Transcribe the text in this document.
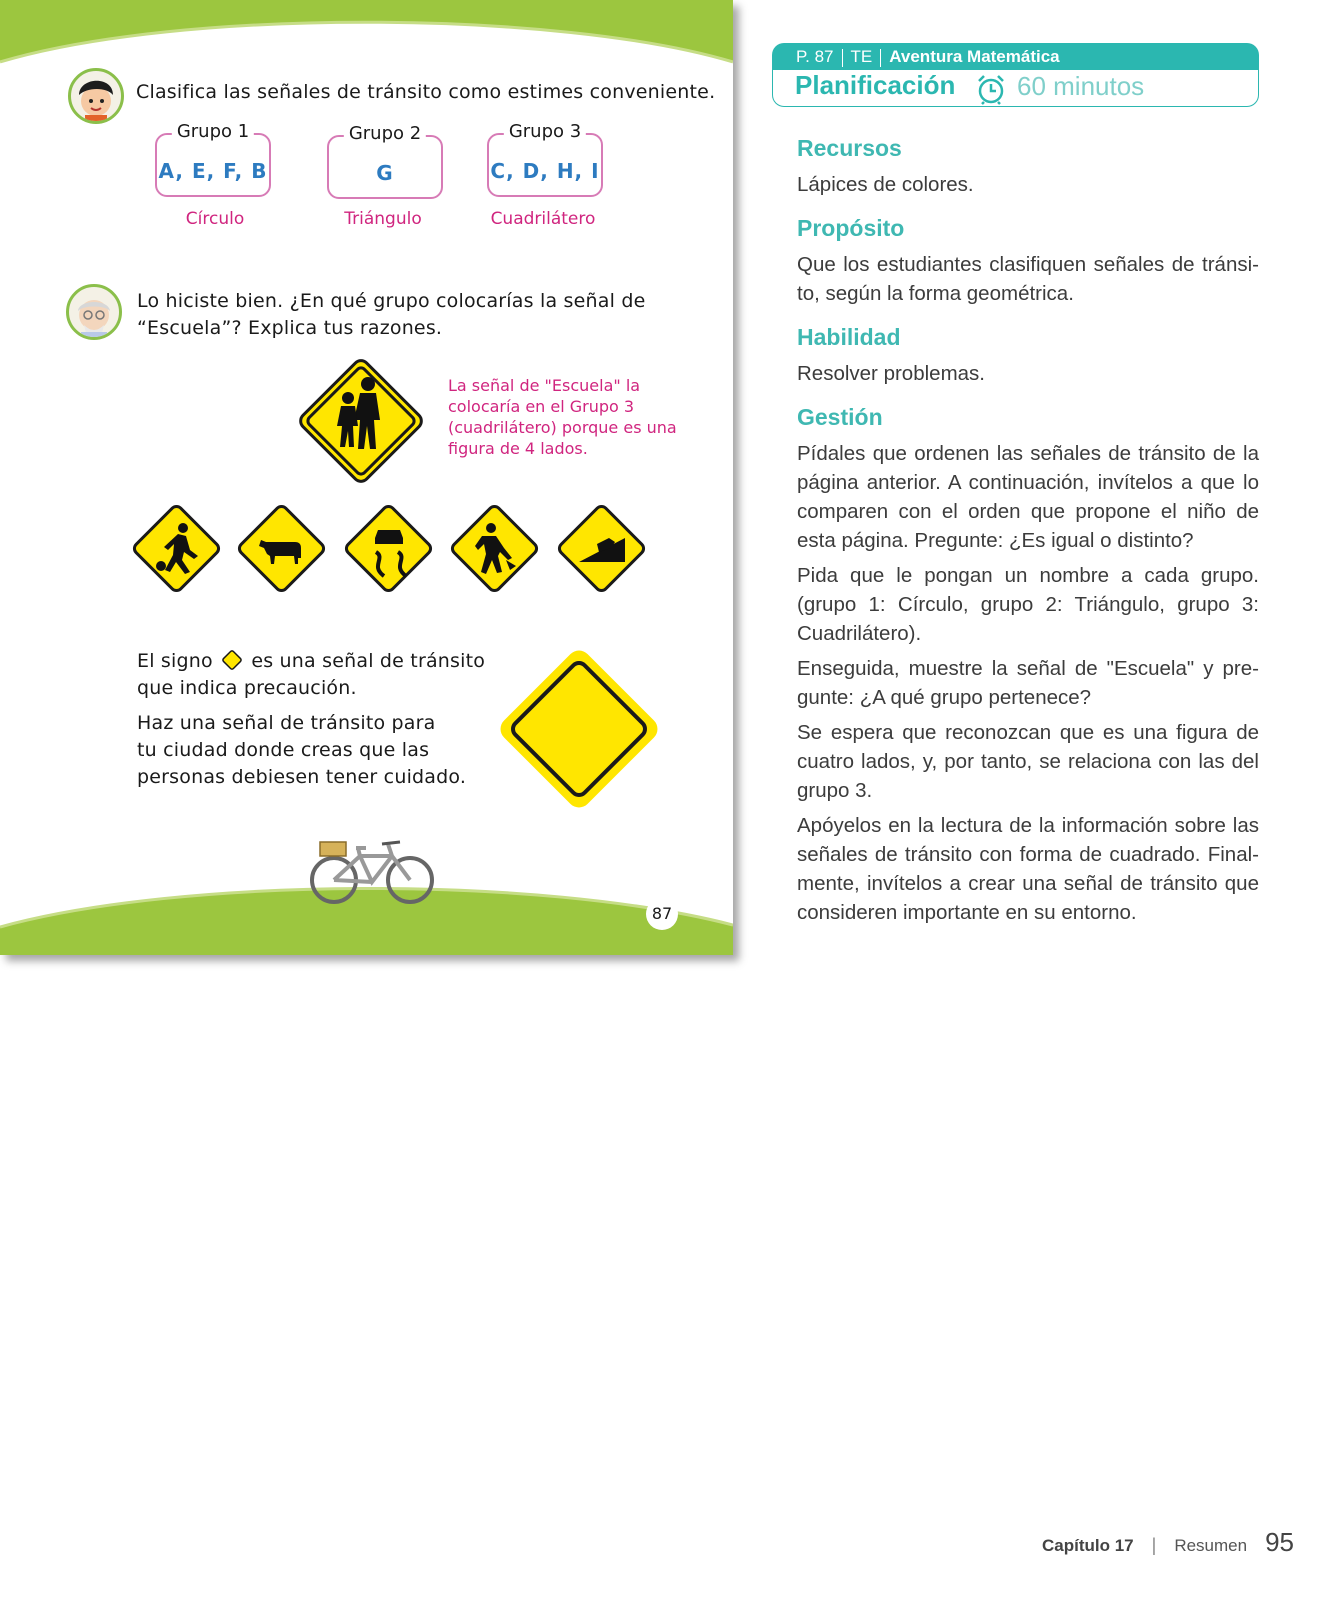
Clasifica las señales de tránsito como estimes conveniente.
Grupo 1
A, E, F, B
Grupo 2
G
Grupo 3
C, D, H, I
Círculo	Triángulo	Cuadrilátero
Lo hiciste bien. ¿En qué grupo colocarías la señal de
“Escuela”? Explica tus razones.
La señal de "Escuela" la
colocaría en el Grupo 3
(cuadrilátero) porque es una
figura de 4 lados.
El signo es una señal de tránsito
que indica precaución.
Haz una señal de tránsito para
tu ciudad donde creas que las
personas debiesen tener cuidado.
87
P. 87 TE Aventura Matemática
Planificación 60 minutos
Recursos
Lápices de colores.
Propósito
Que los estudiantes clasifiquen señales de tránsi-to, según la forma geométrica.
Habilidad
Resolver problemas.
Gestión
Pídales que ordenen las señales de tránsito de la página anterior. A continuación, invítelos a que lo comparen con el orden que propone el niño de esta página. Pregunte: ¿Es igual o distinto?
Pida que le pongan un nombre a cada grupo. (grupo 1: Círculo, grupo 2: Triángulo, grupo 3: Cuadrilátero).
Enseguida, muestre la señal de "Escuela" y pre-gunte: ¿A qué grupo pertenece?
Se espera que reconozcan que es una figura de cuatro lados, y, por tanto, se relaciona con las del grupo 3.
Apóyelos en la lectura de la información sobre las señales de tránsito con forma de cuadrado. Final-mente, invítelos a crear una señal de tránsito que consideren importante en su entorno.
Capítulo 17 | Resumen 95
